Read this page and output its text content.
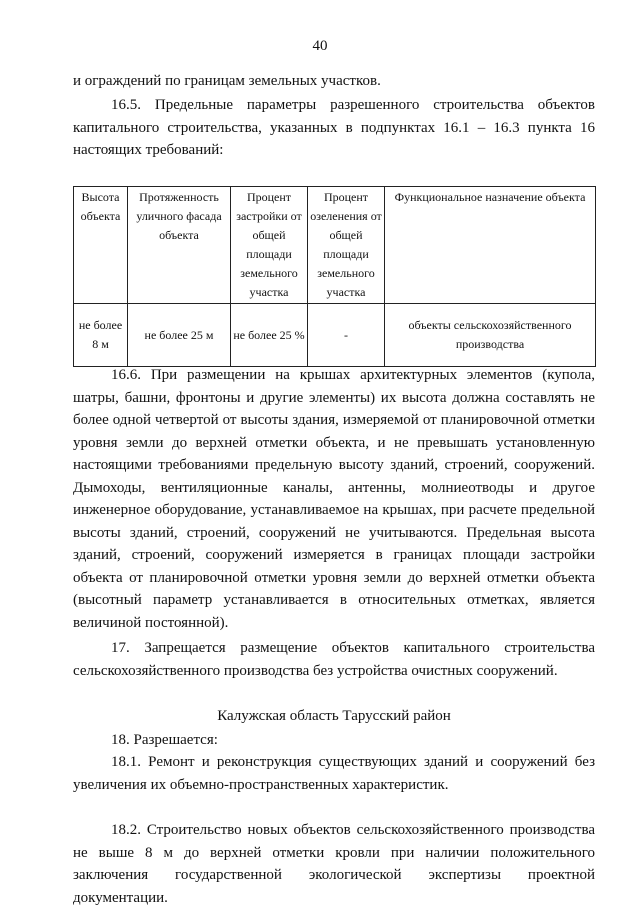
40

и ограждений по границам земельных участков.

16.5. Предельные параметры разрешенного строительства объектов капитального строительства, указанных в подпунктах 16.1 – 16.3 пункта 16 настоящих требований:

Высота объекта	Протяженность уличного фасада объекта	Процент застройки от общей площади земельного участка	Процент озеленения от общей площади земельного участка	Функциональное назначение объекта
не более 8 м	не более 25 м	не более 25 %	-	объекты сельскохозяйственного производства

16.6. При размещении на крышах архитектурных элементов (купола, шатры, башни, фронтоны и другие элементы) их высота должна составлять не более одной четвертой от высоты здания, измеряемой от планировочной отметки уровня земли до верхней отметки объекта, и не превышать установленную настоящими требованиями предельную высоту зданий, строений, сооружений. Дымоходы, вентиляционные каналы, антенны, молниеотводы и другое инженерное оборудование, устанавливаемое на крышах, при расчете предельной высоты зданий, строений, сооружений не учитываются. Предельная высота зданий, строений, сооружений измеряется в границах площади застройки объекта от планировочной отметки уровня земли до верхней отметки объекта (высотный параметр устанавливается в относительных отметках, является величиной постоянной).

17. Запрещается размещение объектов капитального строительства сельскохозяйственного производства без устройства очистных сооружений.

Калужская область Тарусский район

18. Разрешается:

18.1. Ремонт и реконструкция существующих зданий и сооружений без увеличения их объемно-пространственных характеристик.

18.2. Строительство новых объектов сельскохозяйственного производства не выше 8 м до верхней отметки кровли при наличии положительного заключения государственной экологической экспертизы проектной документации.
